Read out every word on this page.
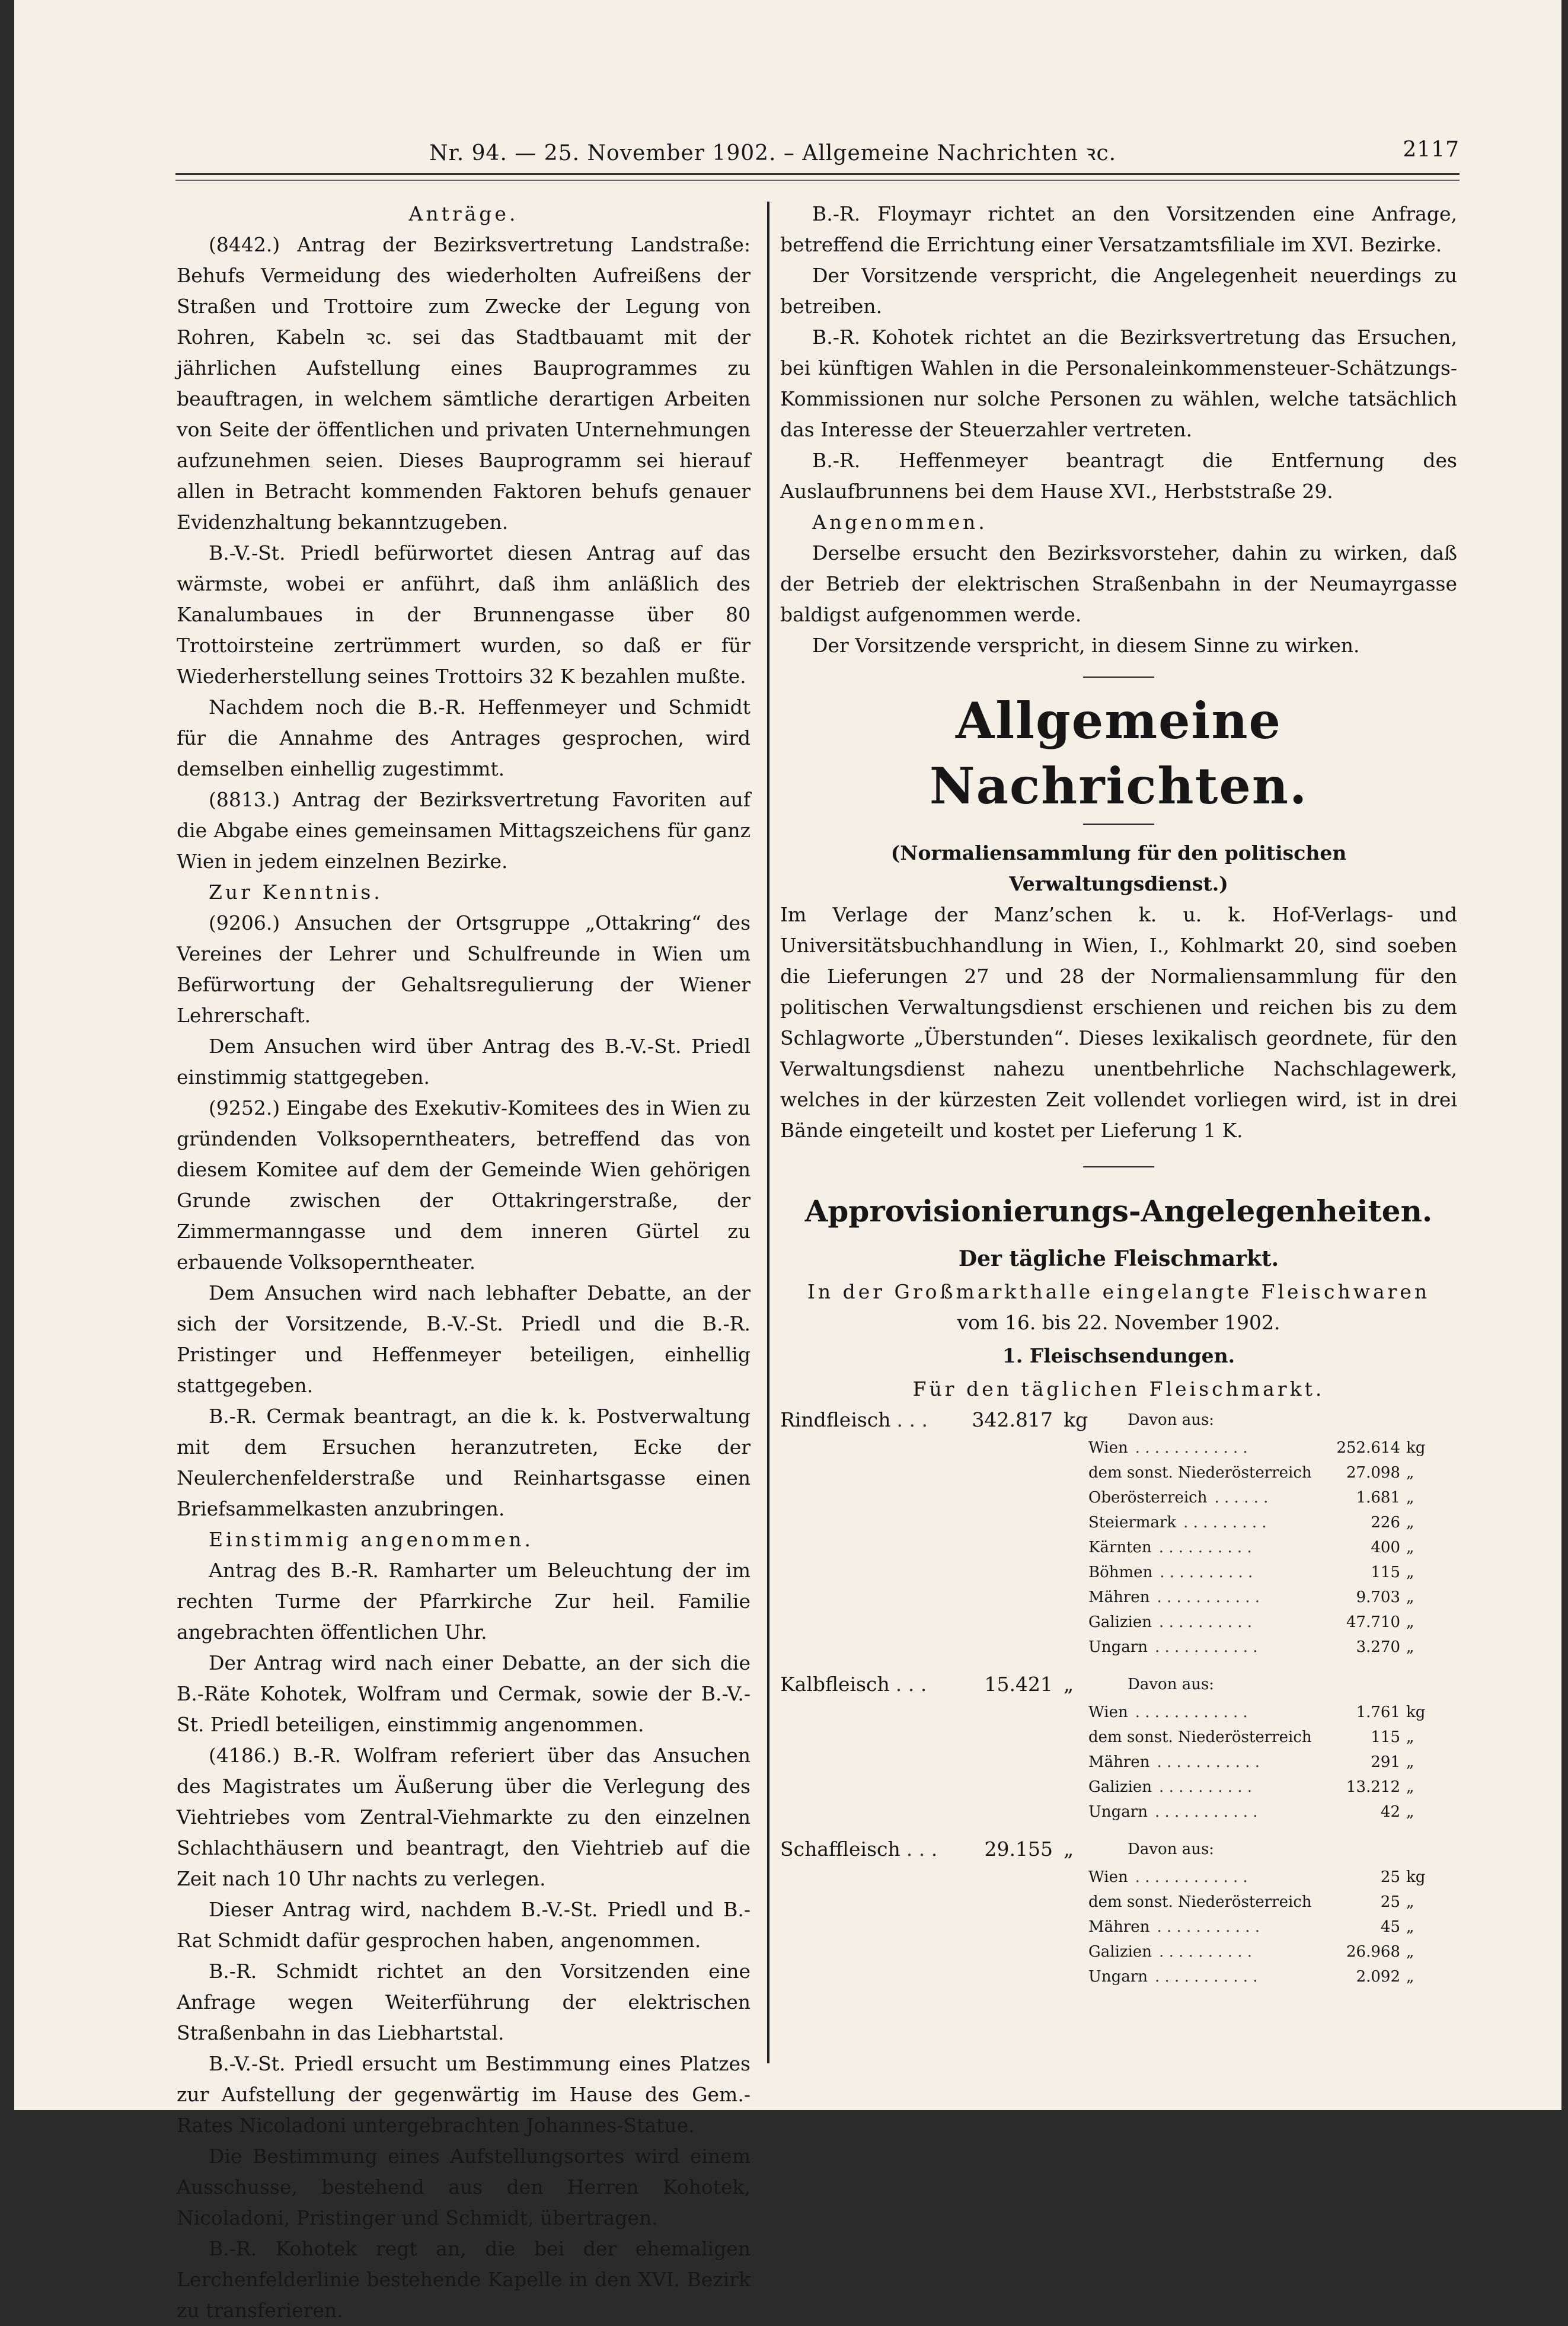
Nr. 94. — 25. November 1902. – Allgemeine Nachrichten ꝛc.	2117

Anträge.

(8442.) Antrag der Bezirksvertretung Landstraße: Behufs Vermeidung des wiederholten Aufreißens der Straßen und Trottoire zum Zwecke der Legung von Rohren, Kabeln ꝛc. sei das Stadtbauamt mit der jährlichen Aufstellung eines Bauprogrammes zu beauftragen, in welchem sämtliche derartigen Arbeiten von Seite der öffentlichen und privaten Unternehmungen aufzunehmen seien. Dieses Bauprogramm sei hierauf allen in Betracht kommenden Faktoren behufs genauer Evidenzhaltung bekanntzugeben.

B.-V.-St. Priedl befürwortet diesen Antrag auf das wärmste, wobei er anführt, daß ihm anläßlich des Kanalumbaues in der Brunnengasse über 80 Trottoirsteine zertrümmert wurden, so daß er für Wiederherstellung seines Trottoirs 32 K bezahlen mußte.

Nachdem noch die B.-R. Heffenmeyer und Schmidt für die Annahme des Antrages gesprochen, wird demselben einhellig zugestimmt.

(8813.) Antrag der Bezirksvertretung Favoriten auf die Abgabe eines gemeinsamen Mittagszeichens für ganz Wien in jedem einzelnen Bezirke.

Zur Kenntnis.

(9206.) Ansuchen der Ortsgruppe „Ottakring“ des Vereines der Lehrer und Schulfreunde in Wien um Befürwortung der Gehaltsregulierung der Wiener Lehrerschaft.

Dem Ansuchen wird über Antrag des B.-V.-St. Priedl einstimmig stattgegeben.

(9252.) Eingabe des Exekutiv-Komitees des in Wien zu gründenden Volksoperntheaters, betreffend das von diesem Komitee auf dem der Gemeinde Wien gehörigen Grunde zwischen der Ottakringerstraße, der Zimmermanngasse und dem inneren Gürtel zu erbauende Volksoperntheater.

Dem Ansuchen wird nach lebhafter Debatte, an der sich der Vorsitzende, B.-V.-St. Priedl und die B.-R. Pristinger und Heffenmeyer beteiligen, einhellig stattgegeben.

B.-R. Cermak beantragt, an die k. k. Postverwaltung mit dem Ersuchen heranzutreten, Ecke der Neulerchenfelderstraße und Reinhartsgasse einen Briefsammelkasten anzubringen.

Einstimmig angenommen.

Antrag des B.-R. Ramharter um Beleuchtung der im rechten Turme der Pfarrkirche Zur heil. Familie angebrachten öffentlichen Uhr.

Der Antrag wird nach einer Debatte, an der sich die B.-Räte Kohotek, Wolfram und Cermak, sowie der B.-V.-St. Priedl beteiligen, einstimmig angenommen.

(4186.) B.-R. Wolfram referiert über das Ansuchen des Magistrates um Äußerung über die Verlegung des Viehtriebes vom Zentral-Viehmarkte zu den einzelnen Schlachthäusern und beantragt, den Viehtrieb auf die Zeit nach 10 Uhr nachts zu verlegen.

Dieser Antrag wird, nachdem B.-V.-St. Priedl und B.-Rat Schmidt dafür gesprochen haben, angenommen.

B.-R. Schmidt richtet an den Vorsitzenden eine Anfrage wegen Weiterführung der elektrischen Straßenbahn in das Liebhartstal.

B.-V.-St. Priedl ersucht um Bestimmung eines Platzes zur Aufstellung der gegenwärtig im Hause des Gem.-Rates Nicoladoni untergebrachten Johannes-Statue.

Die Bestimmung eines Aufstellungsortes wird einem Ausschusse, bestehend aus den Herren Kohotek, Nicoladoni, Pristinger und Schmidt, übertragen.

B.-R. Kohotek regt an, die bei der ehemaligen Lerchenfelderlinie bestehende Kapelle in den XVI. Bezirk zu transferieren.

B.-R. Floymayr richtet an den Vorsitzenden eine Anfrage, betreffend die Errichtung einer Versatzamtsfiliale im XVI. Bezirke.

Der Vorsitzende verspricht, die Angelegenheit neuerdings zu betreiben.

B.-R. Kohotek richtet an die Bezirksvertretung das Ersuchen, bei künftigen Wahlen in die Personaleinkommensteuer-Schätzungs-Kommissionen nur solche Personen zu wählen, welche tatsächlich das Interesse der Steuerzahler vertreten.

B.-R. Heffenmeyer beantragt die Entfernung des Auslaufbrunnens bei dem Hause XVI., Herbststraße 29.

Angenommen.

Derselbe ersucht den Bezirksvorsteher, dahin zu wirken, daß der Betrieb der elektrischen Straßenbahn in der Neumayrgasse baldigst aufgenommen werde.

Der Vorsitzende verspricht, in diesem Sinne zu wirken.

Allgemeine Nachrichten.

(Normaliensammlung für den politischen Verwaltungsdienst.)

Im Verlage der Manz’schen k. u. k. Hof-Verlags- und Universitätsbuchhandlung in Wien, I., Kohlmarkt 20, sind soeben die Lieferungen 27 und 28 der Normaliensammlung für den politischen Verwaltungsdienst erschienen und reichen bis zu dem Schlagworte „Überstunden“. Dieses lexikalisch geordnete, für den Verwaltungsdienst nahezu unentbehrliche Nachschlagewerk, welches in der kürzesten Zeit vollendet vorliegen wird, ist in drei Bände eingeteilt und kostet per Lieferung 1 K.

Approvisionierungs-Angelegenheiten.

Der tägliche Fleischmarkt.

In der Großmarkthalle eingelangte Fleischwaren

vom 16. bis 22. November 1902.

1. Fleischsendungen.

Für den täglichen Fleischmarkt.

Rindfleisch	342.817 kg	Davon aus:
. . .
Wien	252.614 kg
. . . . . . . . . . . .
dem sonst. Niederösterreich	27.098 „
Oberösterreich	1.681 „
. . . . . .
Steiermark	226 „
. . . . . . . . .
Kärnten	400 „
. . . . . . . . . .
Böhmen	115 „
. . . . . . . . . .
Mähren	9.703 „
. . . . . . . . . . .
Galizien	47.710 „
. . . . . . . . . .
Ungarn	3.270 „
. . . . . . . . . . .
Kalbfleisch	15.421 „	Davon aus:
. . .
Wien	1.761 kg
. . . . . . . . . . . .
dem sonst. Niederösterreich	115 „
Mähren	291 „
. . . . . . . . . . .
Galizien	13.212 „
. . . . . . . . . .
Ungarn	42 „
. . . . . . . . . . .
Schaffleisch	29.155 „	Davon aus:
. . .
Wien	25 kg
. . . . . . . . . . . .
dem sonst. Niederösterreich	25 „
Mähren	45 „
. . . . . . . . . . .
Galizien	26.968 „
. . . . . . . . . .
Ungarn	2.092 „
. . . . . . . . . . .
